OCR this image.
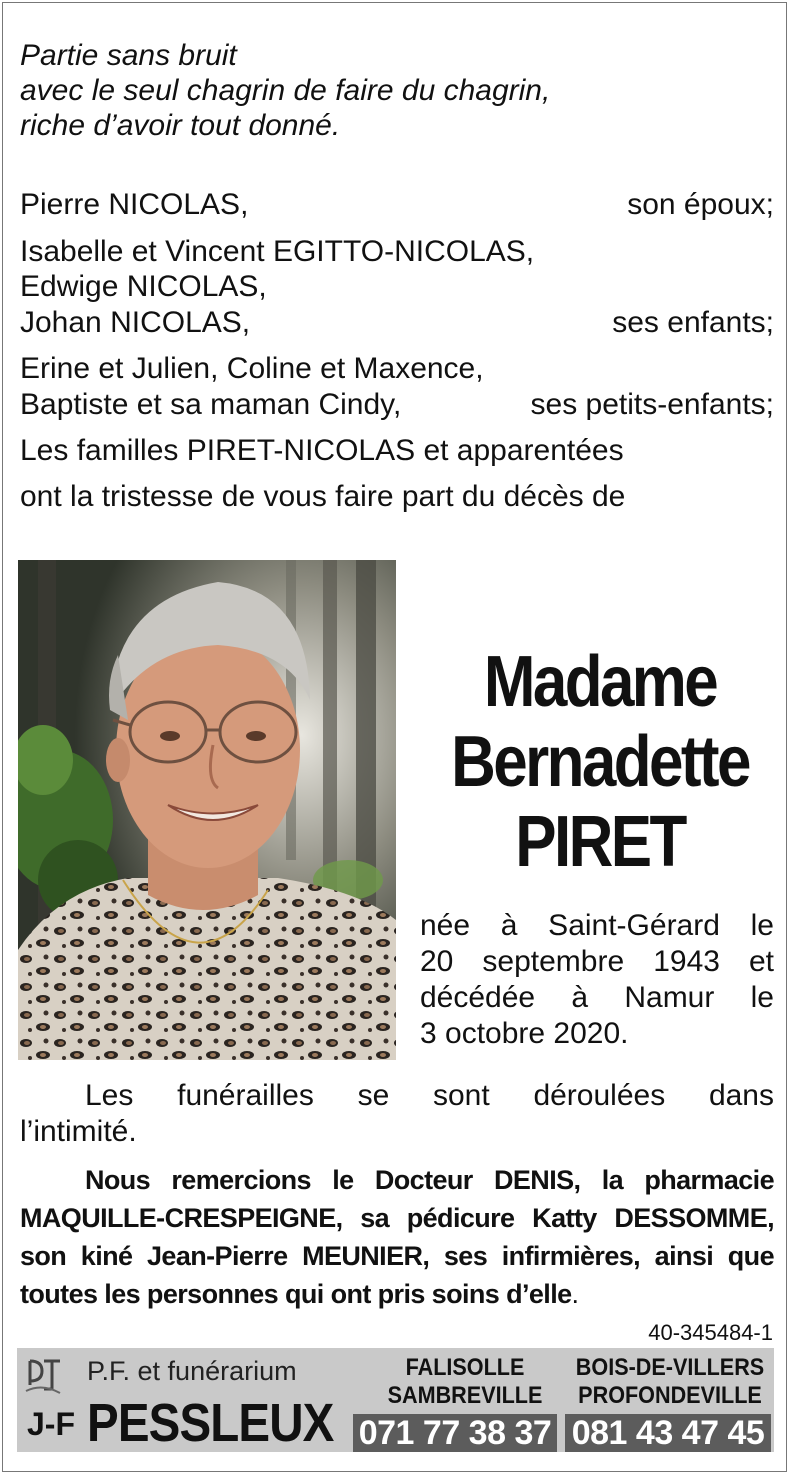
Partie sans bruit
avec le seul chagrin de faire du chagrin,
riche d’avoir tout donné.
Pierre NICOLAS,	son époux;
Isabelle et Vincent EGITTO-NICOLAS,
Edwige NICOLAS,
Johan NICOLAS,	ses enfants;
Erine et Julien, Coline et Maxence,
Baptiste et sa maman Cindy,	ses petits-enfants;
Les familles PIRET-NICOLAS et apparentées
ont la tristesse de vous faire part du décès de
Madame
Bernadette
PIRET
née à Saint-Gérard le
20 septembre 1943 et
décédée à Namur le
3 octobre 2020.
Les funérailles se sont déroulées dans
l’intimité.
Nous remercions le Docteur DENIS, la pharmacie
MAQUILLE-CRESPEIGNE, sa pédicure Katty DESSOMME,
son kiné Jean-Pierre MEUNIER, ses infirmières, ainsi que
toutes les personnes qui ont pris soins d’elle.
40-345484-1
P.F. et funérarium
J-F PESSLEUX
FALISOLLE
SAMBREVILLE
071 77 38 37
BOIS-DE-VILLERS
PROFONDEVILLE
081 43 47 45
